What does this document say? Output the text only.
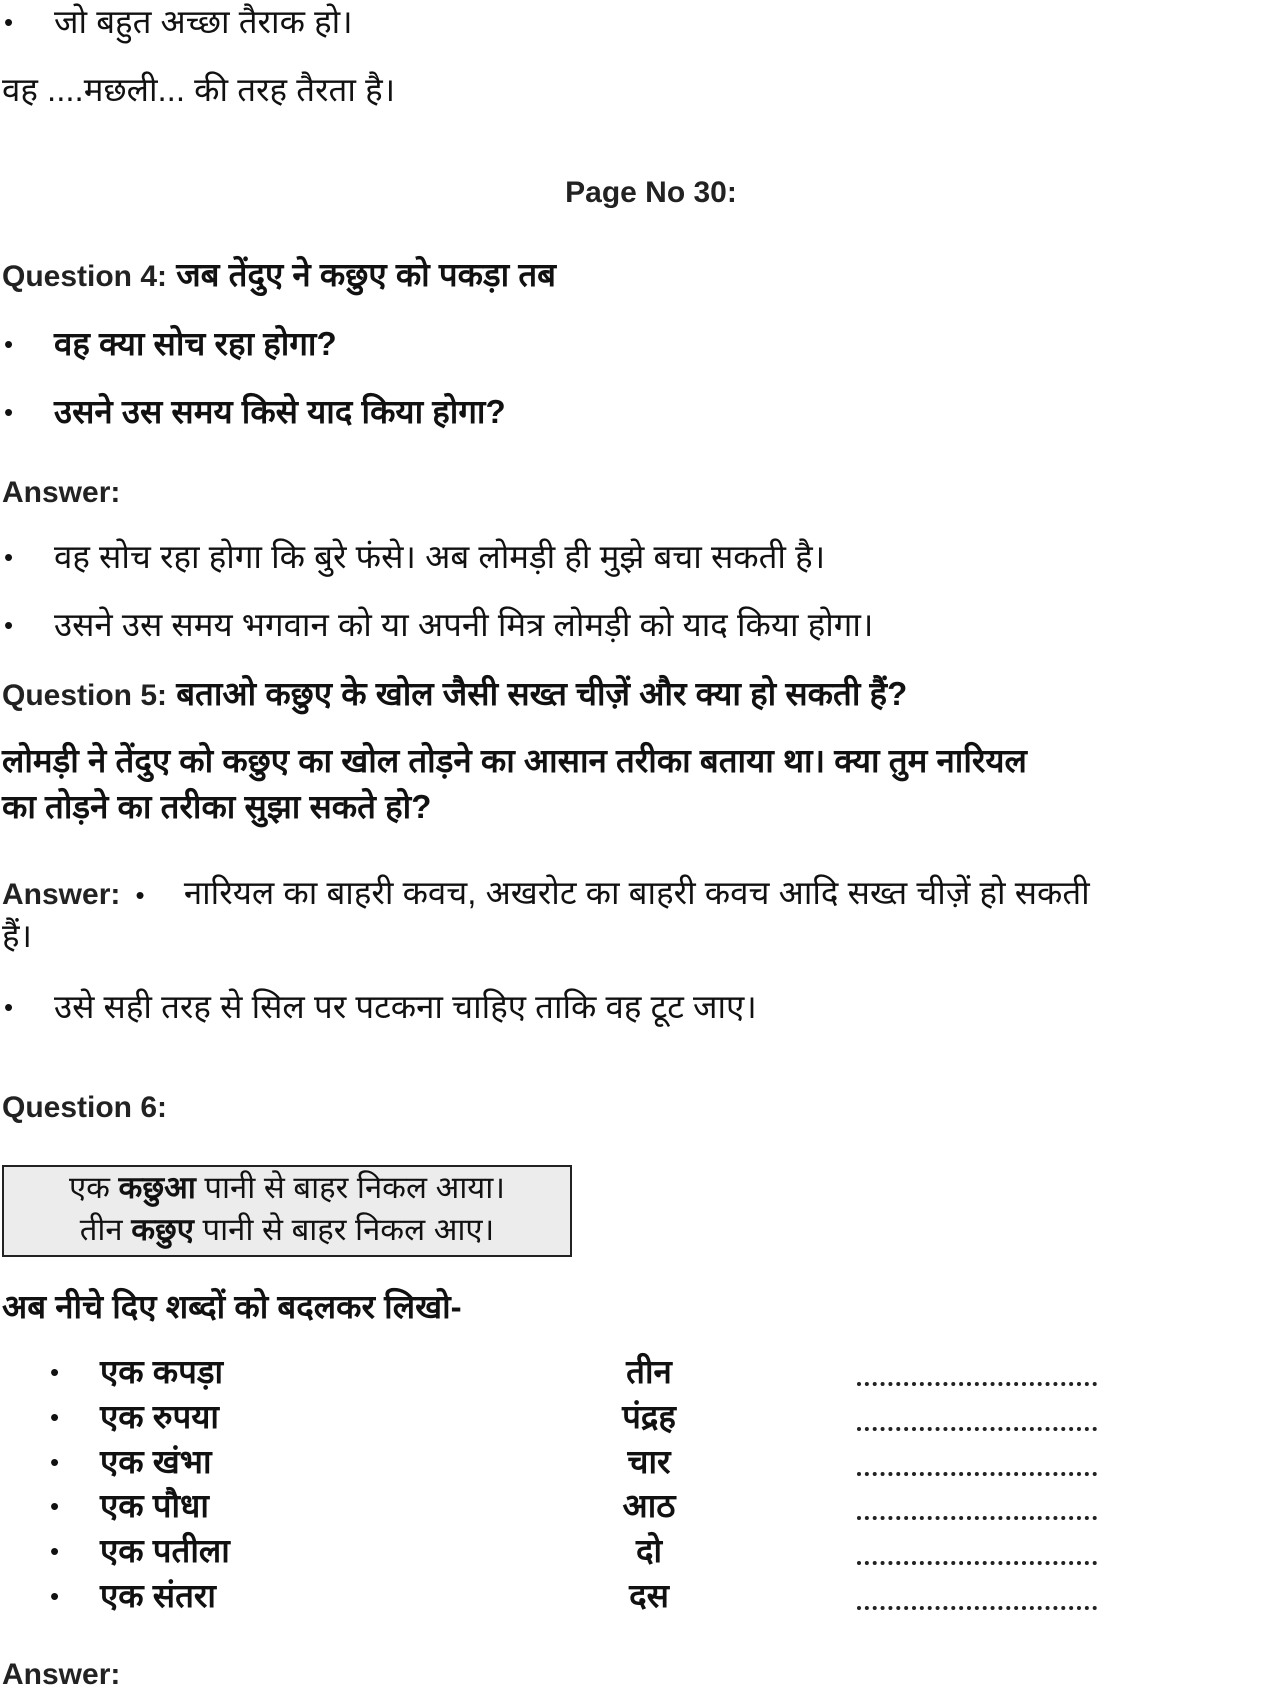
• जो बहुत अच्छा तैराक हो।
वह ....मछली... की तरह तैरता है।
Page No 30:
Question 4: जब तेंदुए ने कछुए को पकड़ा तब
• वह क्या सोच रहा होगा?
• उसने उस समय किसे याद किया होगा?
Answer:
• वह सोच रहा होगा कि बुरे फंसे। अब लोमड़ी ही मुझे बचा सकती है।
• उसने उस समय भगवान को या अपनी मित्र लोमड़ी को याद किया होगा।
Question 5: बताओ कछुए के खोल जैसी सख्त चीज़ें और क्या हो सकती हैं?
लोमड़ी ने तेंदुए को कछुए का खोल तोड़ने का आसान तरीका बताया था। क्या तुम नारियल
का तोड़ने का तरीका सुझा सकते हो?
Answer: • नारियल का बाहरी कवच, अखरोट का बाहरी कवच आदि सख्त चीज़ें हो सकती
हैं।
• उसे सही तरह से सिल पर पटकना चाहिए ताकि वह टूट जाए।
Question 6:
एक कछुआ पानी से बाहर निकल आया।
तीन कछुए पानी से बाहर निकल आए।
अब नीचे दिए शब्दों को बदलकर लिखो-
• एक कपड़ा	तीन
• एक रुपया	पंद्रह
• एक खंभा	चार
• एक पौधा	आठ
• एक पतीला	दो
• एक संतरा	दस
Answer:
